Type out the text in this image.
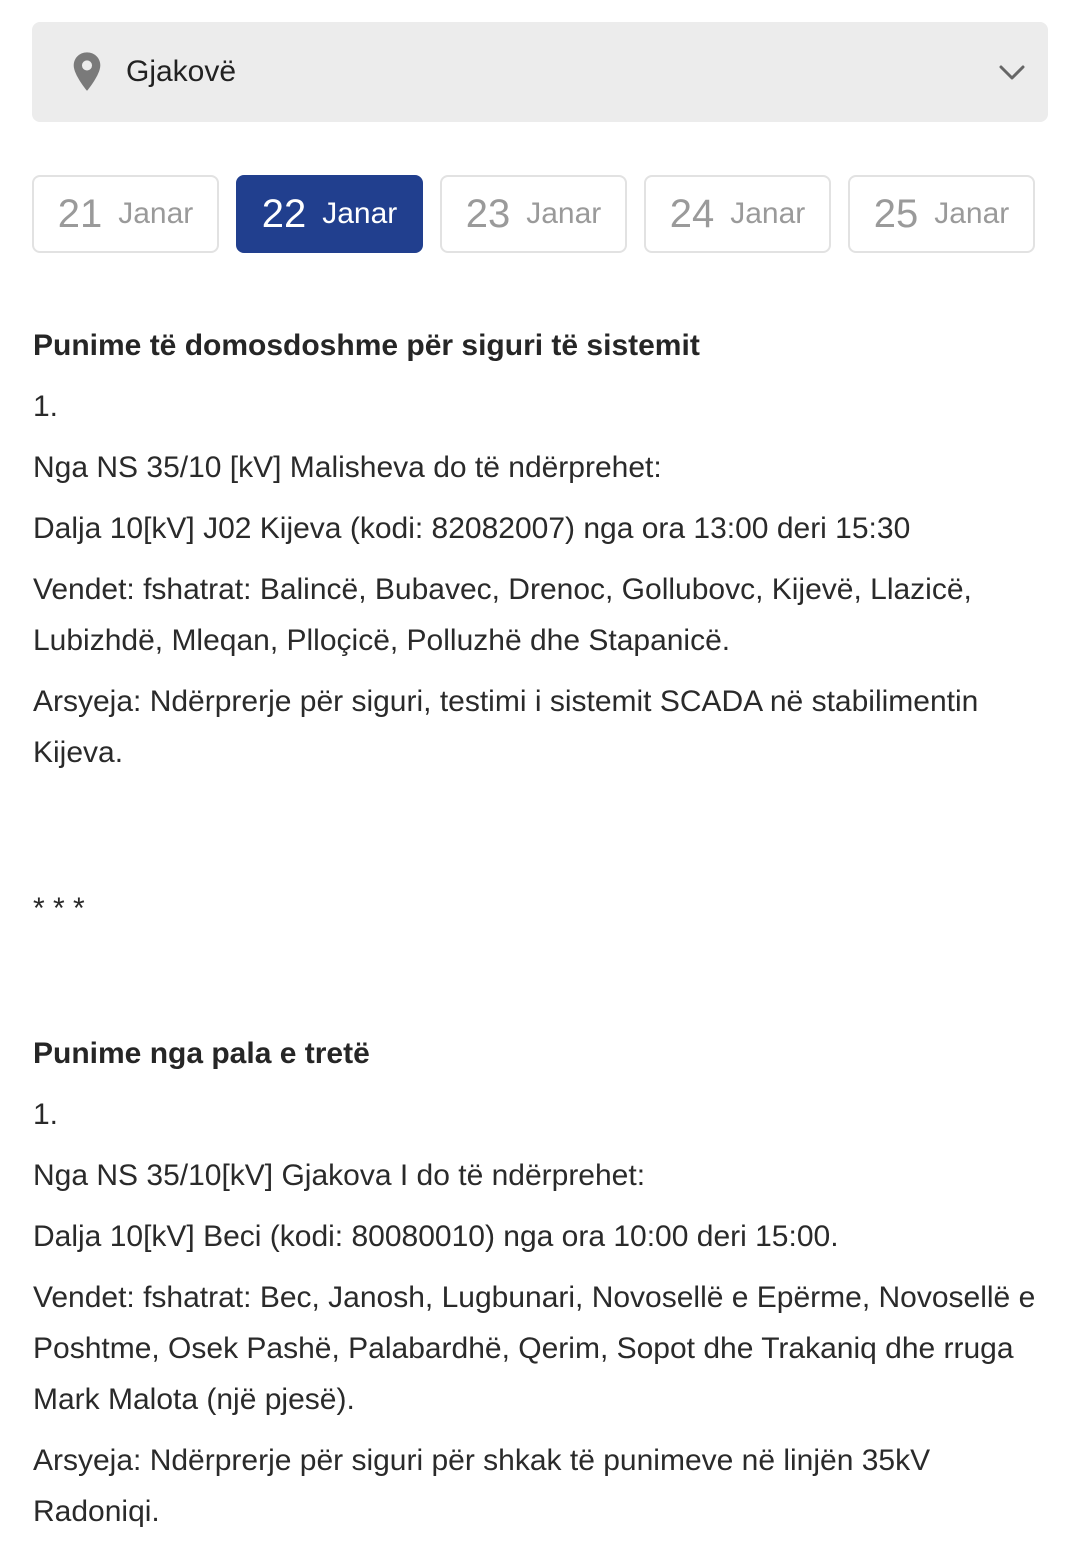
Gjakovë
21 Janar 22 Janar 23 Janar 24 Janar 25 Janar
Punime të domosdoshme për siguri të sistemit

1.

Nga NS 35/10 [kV] Malisheva do të ndërprehet:

Dalja 10[kV] J02 Kijeva (kodi: 82082007) nga ora 13:00 deri 15:30

Vendet: fshatrat: Balincë, Bubavec, Drenoc, Gollubovc, Kijevë, Llazicë, Lubizhdë, Mleqan, Plloçicë, Polluzhë dhe Stapanicë.

Arsyeja: Ndërprerje për siguri, testimi i sistemit SCADA në stabilimentin Kijeva.

* * *

Punime nga pala e tretë

1.

Nga NS 35/10[kV] Gjakova I do të ndërprehet:

Dalja 10[kV] Beci (kodi: 80080010) nga ora 10:00 deri 15:00.

Vendet: fshatrat: Bec, Janosh, Lugbunari, Novosellë e Epërme, Novosellë e Poshtme, Osek Pashë, Palabardhë, Qerim, Sopot dhe Trakaniq dhe rruga Mark Malota (një pjesë).

Arsyeja: Ndërprerje për siguri për shkak të punimeve në linjën 35kV Radoniqi.
